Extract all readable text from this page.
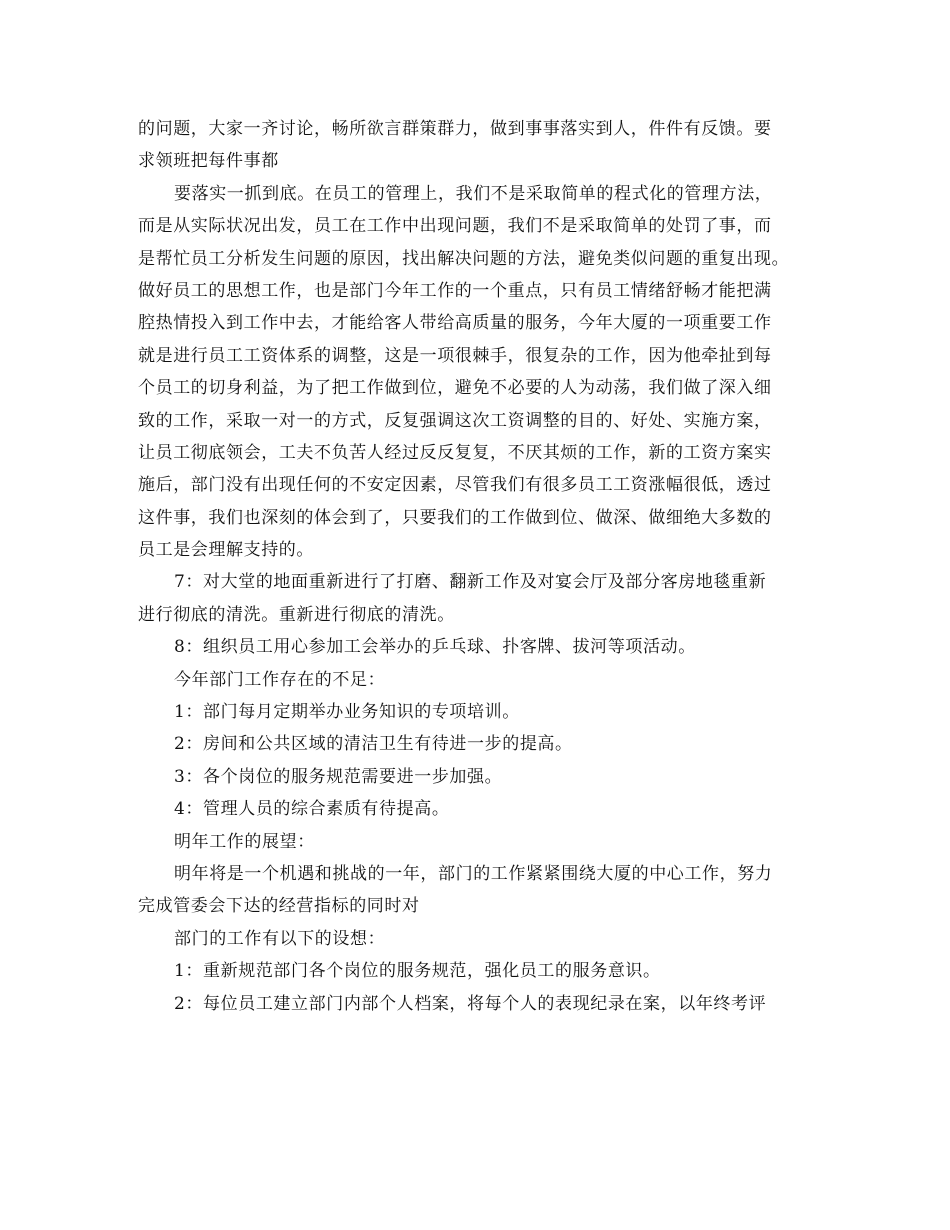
的问题，大家一齐讨论，畅所欲言群策群力，做到事事落实到人，件件有反馈。要
求领班把每件事都
要落实一抓到底。在员工的管理上，我们不是采取简单的程式化的管理方法，
而是从实际状况出发，员工在工作中出现问题，我们不是采取简单的处罚了事，而
是帮忙员工分析发生问题的原因，找出解决问题的方法，避免类似问题的重复出现。
做好员工的思想工作，也是部门今年工作的一个重点，只有员工情绪舒畅才能把满
腔热情投入到工作中去，才能给客人带给高质量的服务，今年大厦的一项重要工作
就是进行员工工资体系的调整，这是一项很棘手，很复杂的工作，因为他牵扯到每
个员工的切身利益，为了把工作做到位，避免不必要的人为动荡，我们做了深入细
致的工作，采取一对一的方式，反复强调这次工资调整的目的、好处、实施方案，
让员工彻底领会，工夫不负苦人经过反反复复，不厌其烦的工作，新的工资方案实
施后，部门没有出现任何的不安定因素，尽管我们有很多员工工资涨幅很低，透过
这件事，我们也深刻的体会到了，只要我们的工作做到位、做深、做细绝大多数的
员工是会理解支持的。
7：对大堂的地面重新进行了打磨、翻新工作及对宴会厅及部分客房地毯重新
进行彻底的清洗。重新进行彻底的清洗。
8：组织员工用心参加工会举办的乒乓球、扑客牌、拔河等项活动。
今年部门工作存在的不足：
1：部门每月定期举办业务知识的专项培训。
2：房间和公共区域的清洁卫生有待进一步的提高。
3：各个岗位的服务规范需要进一步加强。
4：管理人员的综合素质有待提高。
明年工作的展望：
明年将是一个机遇和挑战的一年，部门的工作紧紧围绕大厦的中心工作，努力
完成管委会下达的经营指标的同时对
部门的工作有以下的设想：
1：重新规范部门各个岗位的服务规范，强化员工的服务意识。
2：每位员工建立部门内部个人档案，将每个人的表现纪录在案，以年终考评
